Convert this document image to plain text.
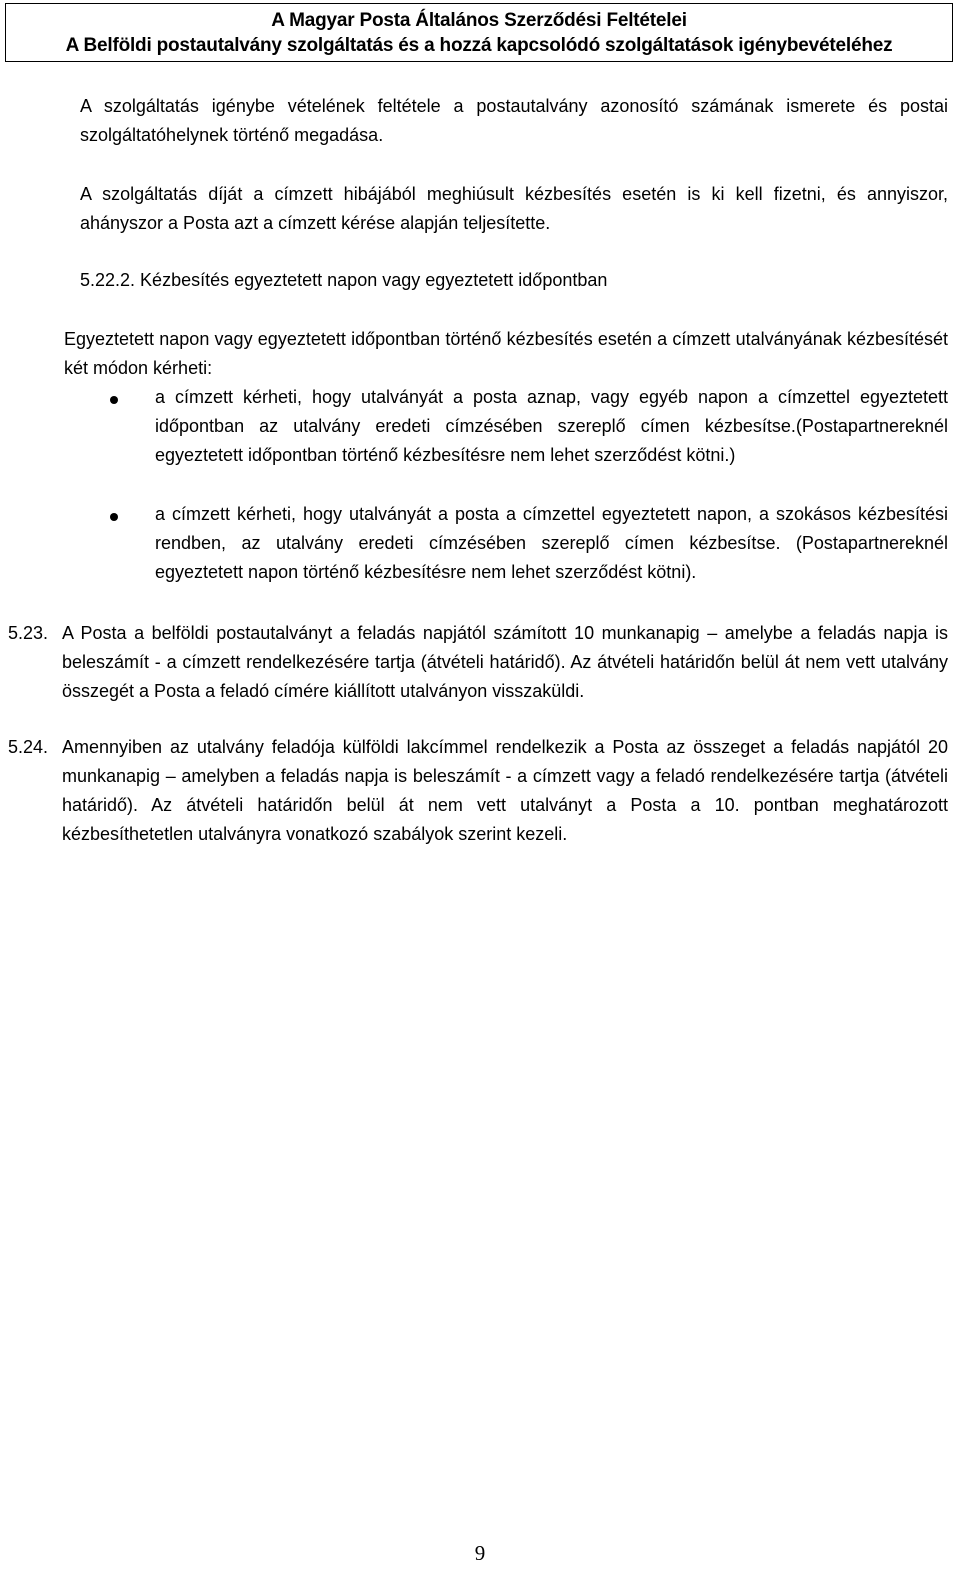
A Magyar Posta Általános Szerződési Feltételei
A Belföldi postautalvány szolgáltatás és a hozzá kapcsolódó szolgáltatások igénybevételéhez

A szolgáltatás igénybe vételének feltétele a postautalvány azonosító számának ismerete és postai szolgáltatóhelynek történő megadása.

A szolgáltatás díját a címzett hibájából meghiúsult kézbesítés esetén is ki kell fizetni, és annyiszor, ahányszor a Posta azt a címzett kérése alapján teljesítette.

5.22.2. Kézbesítés egyeztetett napon vagy egyeztetett időpontban

Egyeztetett napon vagy egyeztetett időpontban történő kézbesítés esetén a címzett utalványának kézbesítését két módon kérheti:

a címzett kérheti, hogy utalványát a posta aznap, vagy egyéb napon a címzettel egyeztetett időpontban az utalvány eredeti címzésében szereplő címen kézbesítse.(Postapartnereknél egyeztetett időpontban történő kézbesítésre nem lehet szerződést kötni.)

a címzett kérheti, hogy utalványát a posta a címzettel egyeztetett napon, a szokásos kézbesítési rendben, az utalvány eredeti címzésében szereplő címen kézbesítse. (Postapartnereknél egyeztetett napon történő kézbesítésre nem lehet szerződést kötni).

5.23. A Posta a belföldi postautalványt a feladás napjától számított 10 munkanapig – amelybe a feladás napja is beleszámít - a címzett rendelkezésére tartja (átvételi határidő). Az átvételi határidőn belül át nem vett utalvány összegét a Posta a feladó címére kiállított utalványon visszaküldi.

5.24. Amennyiben az utalvány feladója külföldi lakcímmel rendelkezik a Posta az összeget a feladás napjától 20 munkanapig – amelyben a feladás napja is beleszámít - a címzett vagy a feladó rendelkezésére tartja (átvételi határidő). Az átvételi határidőn belül át nem vett utalványt a Posta a 10. pontban meghatározott kézbesíthetetlen utalványra vonatkozó szabályok szerint kezeli.

9
